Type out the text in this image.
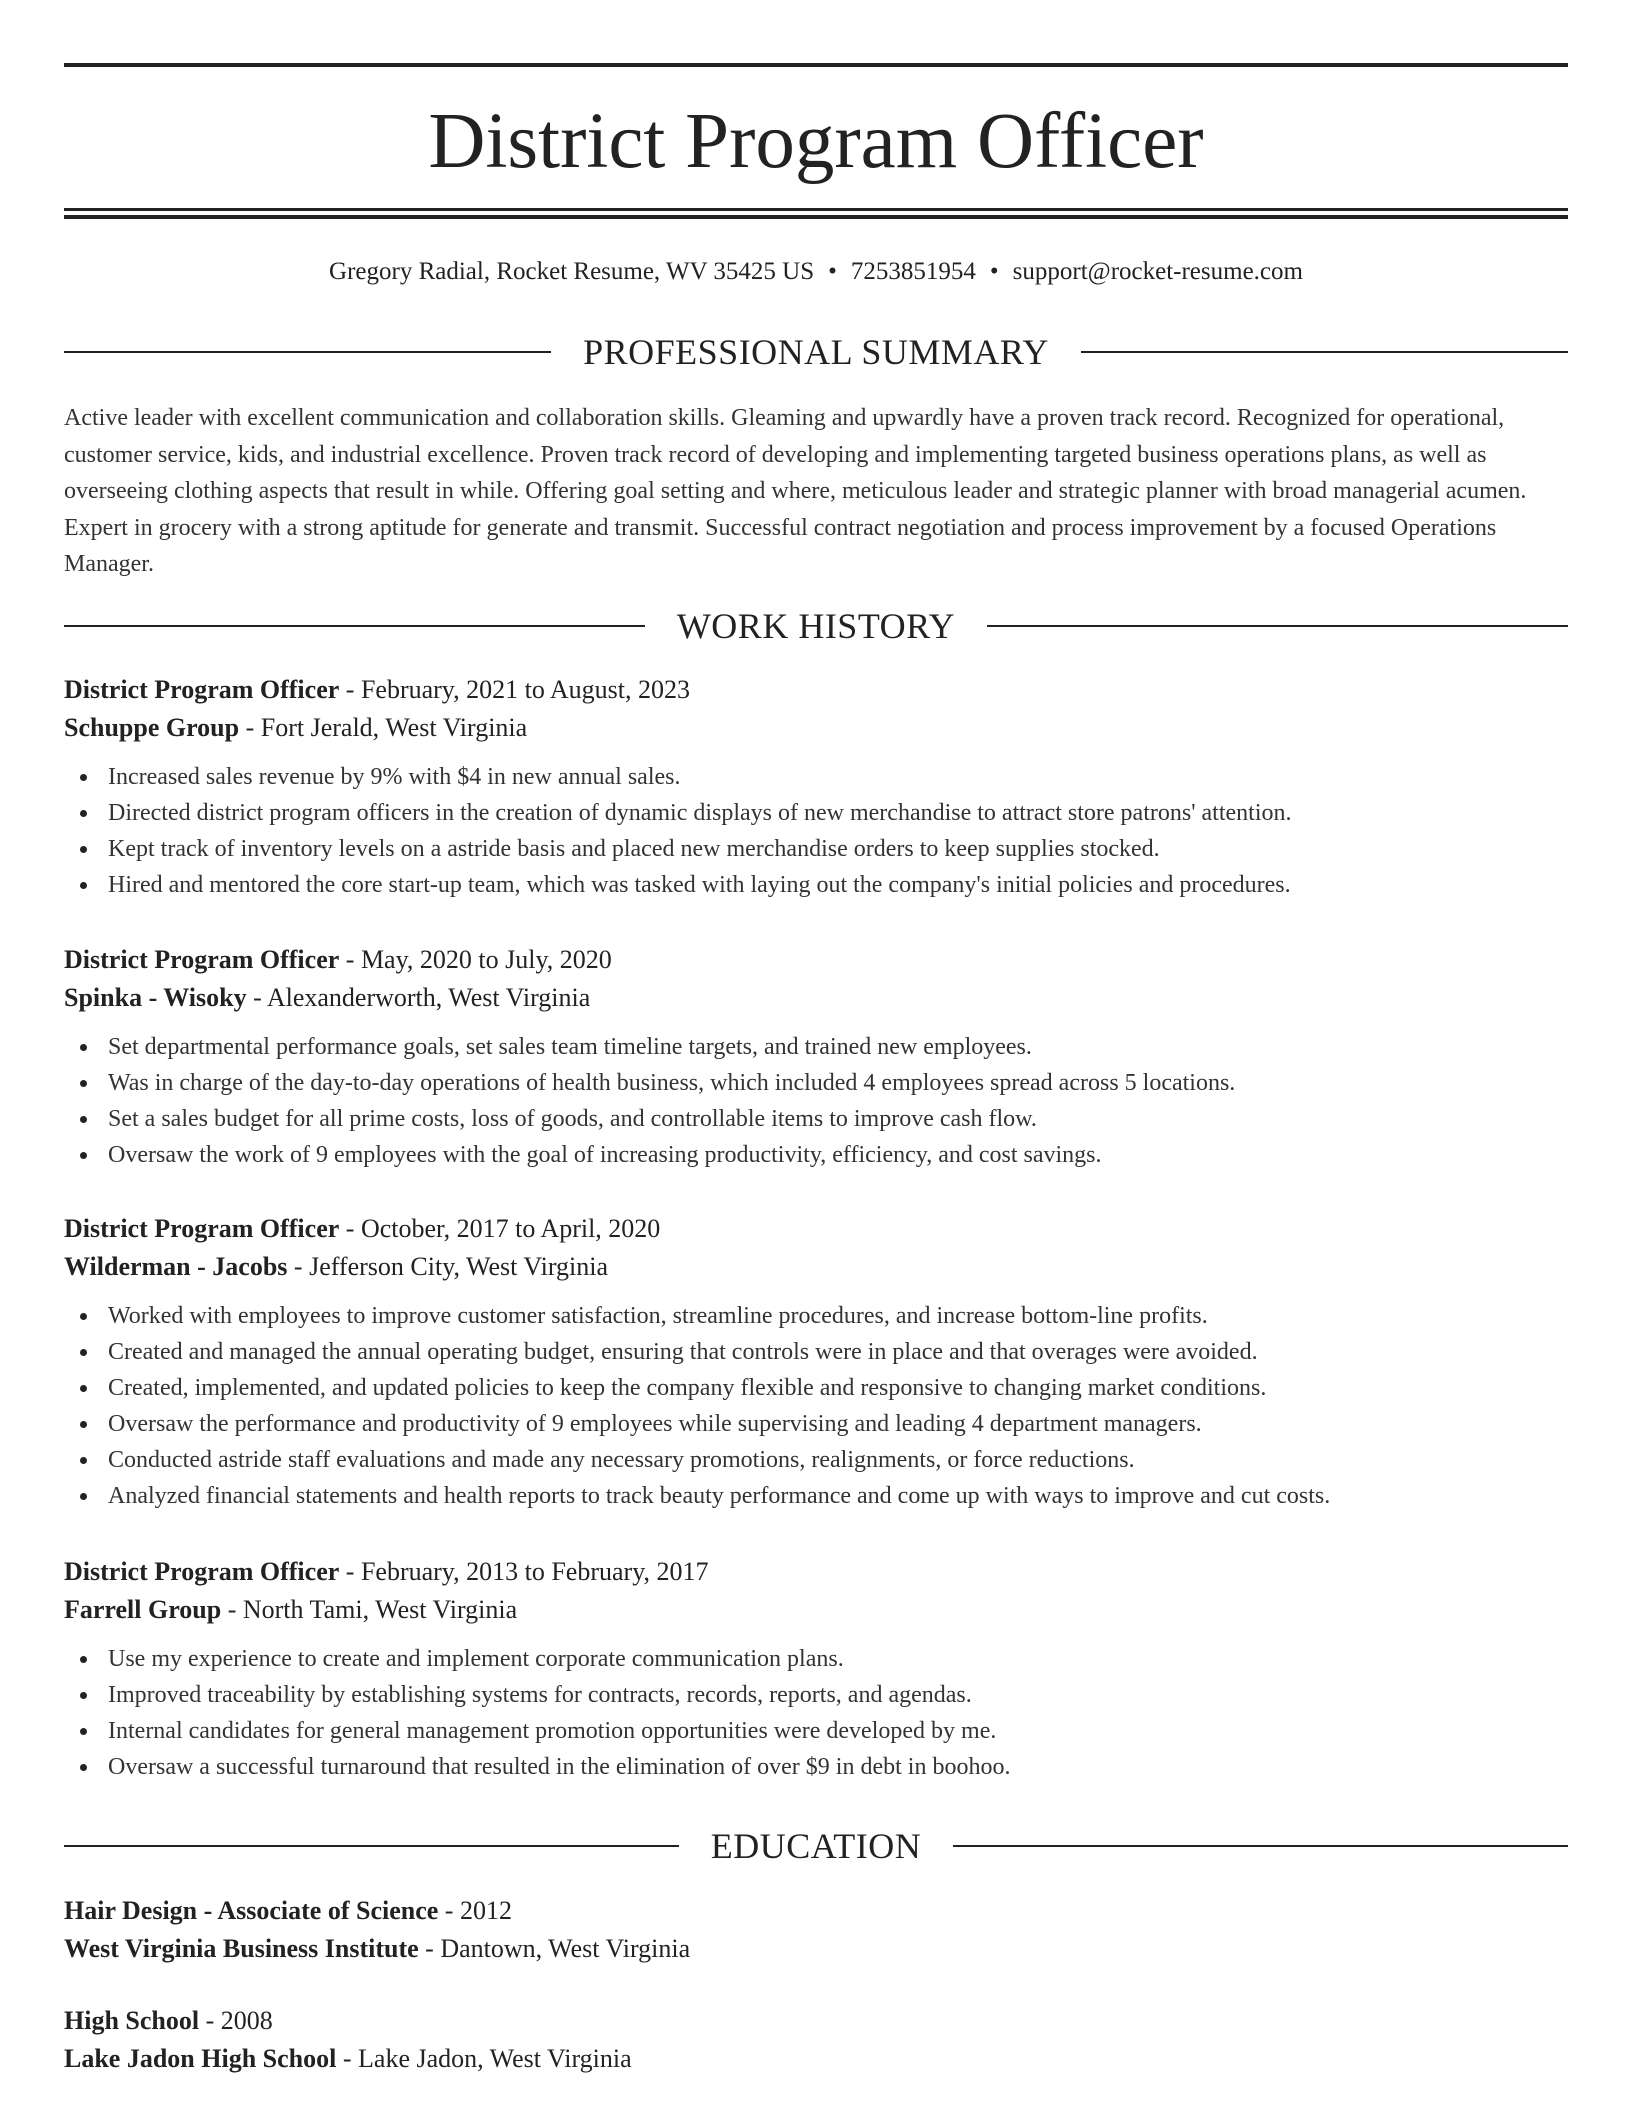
District Program Officer
Gregory Radial, Rocket Resume, WV 35425 US • 7253851954 • support@rocket-resume.com
PROFESSIONAL SUMMARY

Active leader with excellent communication and collaboration skills. Gleaming and upwardly have a proven track record. Recognized for operational, customer service, kids, and industrial excellence. Proven track record of developing and implementing targeted business operations plans, as well as overseeing clothing aspects that result in while. Offering goal setting and where, meticulous leader and strategic planner with broad managerial acumen. Expert in grocery with a strong aptitude for generate and transmit. Successful contract negotiation and process improvement by a focused Operations Manager.

WORK HISTORY
District Program Officer - February, 2021 to August, 2023
Schuppe Group - Fort Jerald, West Virginia
Increased sales revenue by 9% with $4 in new annual sales.
Directed district program officers in the creation of dynamic displays of new merchandise to attract store patrons' attention.
Kept track of inventory levels on a astride basis and placed new merchandise orders to keep supplies stocked.
Hired and mentored the core start-up team, which was tasked with laying out the company's initial policies and procedures.
District Program Officer - May, 2020 to July, 2020
Spinka - Wisoky - Alexanderworth, West Virginia
Set departmental performance goals, set sales team timeline targets, and trained new employees.
Was in charge of the day-to-day operations of health business, which included 4 employees spread across 5 locations.
Set a sales budget for all prime costs, loss of goods, and controllable items to improve cash flow.
Oversaw the work of 9 employees with the goal of increasing productivity, efficiency, and cost savings.
District Program Officer - October, 2017 to April, 2020
Wilderman - Jacobs - Jefferson City, West Virginia
Worked with employees to improve customer satisfaction, streamline procedures, and increase bottom-line profits.
Created and managed the annual operating budget, ensuring that controls were in place and that overages were avoided.
Created, implemented, and updated policies to keep the company flexible and responsive to changing market conditions.
Oversaw the performance and productivity of 9 employees while supervising and leading 4 department managers.
Conducted astride staff evaluations and made any necessary promotions, realignments, or force reductions.
Analyzed financial statements and health reports to track beauty performance and come up with ways to improve and cut costs.
District Program Officer - February, 2013 to February, 2017
Farrell Group - North Tami, West Virginia
Use my experience to create and implement corporate communication plans.
Improved traceability by establishing systems for contracts, records, reports, and agendas.
Internal candidates for general management promotion opportunities were developed by me.
Oversaw a successful turnaround that resulted in the elimination of over $9 in debt in boohoo.
EDUCATION
Hair Design - Associate of Science - 2012
West Virginia Business Institute - Dantown, West Virginia
High School - 2008
Lake Jadon High School - Lake Jadon, West Virginia
